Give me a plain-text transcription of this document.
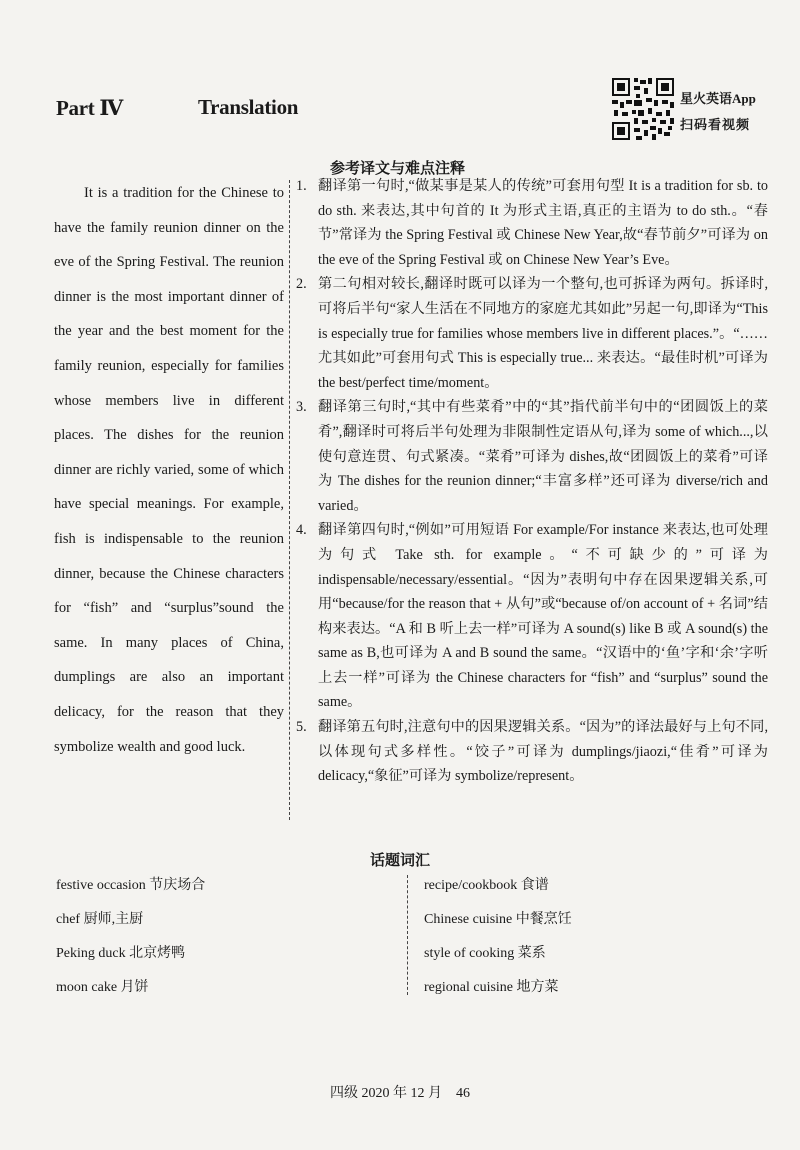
Part Ⅳ	Translation	星火英语App
扫码看视频
参考译文与难点注释

It is a tradition for the Chinese to have the family reunion dinner on the eve of the Spring Festival. The reunion dinner is the most important dinner of the year and the best moment for the family reunion, especially for families whose members live in different places. The dishes for the reunion dinner are richly varied, some of which have special meanings. For example, fish is indispensable to the reunion dinner, because the Chinese characters for “fish” and “surplus”sound the same. In many places of China, dumplings are also an important delicacy, for the reason that they symbolize wealth and good luck.

1. 翻译第一句时,“做某事是某人的传统”可套用句型 It is a tradition for sb. to do sth. 来表达,其中句首的 It 为形式主语,真正的主语为 to do sth.。“春节”常译为 the Spring Festival 或 Chinese New Year,故“春节前夕”可译为 on the eve of the Spring Festival 或 on Chinese New Year’s Eve。
2. 第二句相对较长,翻译时既可以译为一个整句,也可拆译为两句。拆译时,可将后半句“家人生活在不同地方的家庭尤其如此”另起一句,即译为“This is especially true for families whose members live in different places.”。“……尤其如此”可套用句式 This is especially true... 来表达。“最佳时机”可译为 the best/perfect time/moment。
3. 翻译第三句时,“其中有些菜肴”中的“其”指代前半句中的“团圆饭上的菜肴”,翻译时可将后半句处理为非限制性定语从句,译为 some of which...,以使句意连贯、句式紧凑。“菜肴”可译为 dishes,故“团圆饭上的菜肴”可译为 The dishes for the reunion dinner;“丰富多样”还可译为 diverse/rich and varied。
4. 翻译第四句时,“例如”可用短语 For example/For instance 来表达,也可处理为句式 Take sth. for example。“不可缺少的”可译为 indispensable/necessary/essential。“因为”表明句中存在因果逻辑关系,可用“because/for the reason that + 从句”或“because of/on account of + 名词”结构来表达。“A 和 B 听上去一样”可译为 A sound(s) like B 或 A sound(s) the same as B,也可译为 A and B sound the same。“汉语中的‘鱼’字和‘余’字听上去一样”可译为 the Chinese characters for “fish” and “surplus” sound the same。
5. 翻译第五句时,注意句中的因果逻辑关系。“因为”的译法最好与上句不同,以体现句式多样性。“饺子”可译为 dumplings/jiaozi,“佳肴”可译为 delicacy,“象征”可译为 symbolize/represent。
话题词汇
festive occasion 节庆场合
chef 厨师,主厨
Peking duck 北京烤鸭
moon cake 月饼
recipe/cookbook 食谱
Chinese cuisine 中餐烹饪
style of cooking 菜系
regional cuisine 地方菜
四级 2020 年 12 月　46
